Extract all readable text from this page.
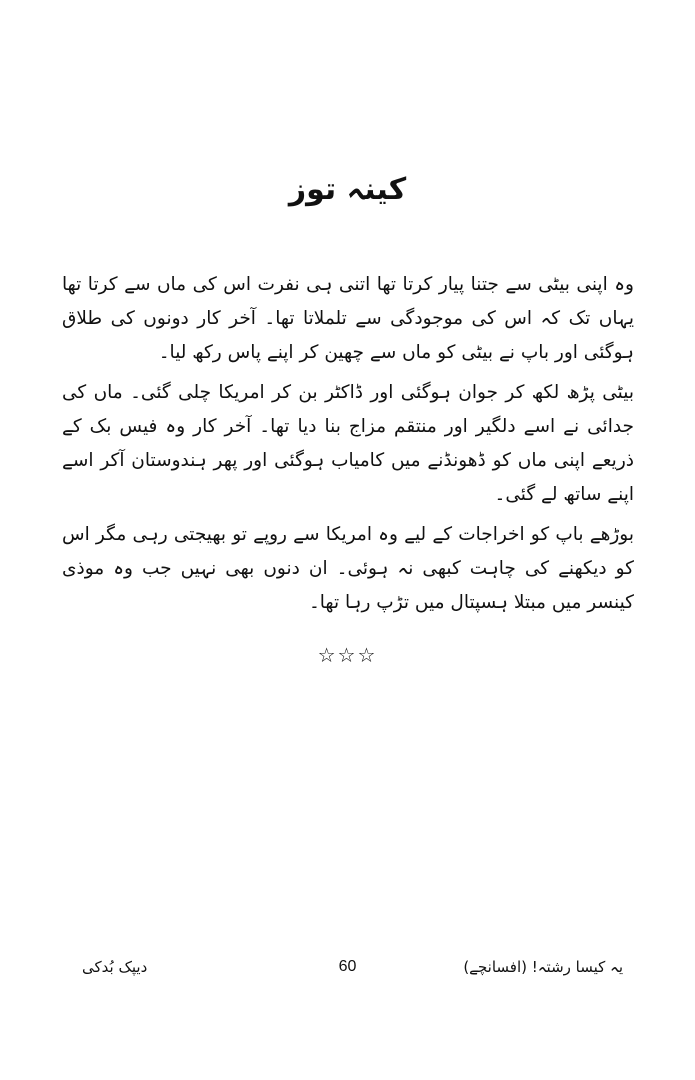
کینہ توز

وہ اپنی بیٹی سے جتنا پیار کرتا تھا اتنی ہی نفرت اس کی ماں سے کرتا تھا یہاں تک کہ اس کی موجودگی سے تلملاتا تھا۔ آخر کار دونوں کی طلاق ہوگئی اور باپ نے بیٹی کو ماں سے چھین کر اپنے پاس رکھ لیا۔

بیٹی پڑھ لکھ کر جوان ہوگئی اور ڈاکٹر بن کر امریکا چلی گئی۔ ماں کی جدائی نے اسے دلگیر اور منتقم مزاج بنا دیا تھا۔ آخر کار وہ فیس بک کے ذریعے اپنی ماں کو ڈھونڈنے میں کامیاب ہوگئی اور پھر ہندوستان آکر اسے اپنے ساتھ لے گئی۔

بوڑھے باپ کو اخراجات کے لیے وہ امریکا سے روپے تو بھیجتی رہی مگر اس کو دیکھنے کی چاہت کبھی نہ ہوئی۔ ان دنوں بھی نہیں جب وہ موذی کینسر میں مبتلا ہسپتال میں تڑپ رہا تھا۔

☆☆☆
یہ کیسا رشتہ! (افسانچے)
60
دیپک بُدکی
